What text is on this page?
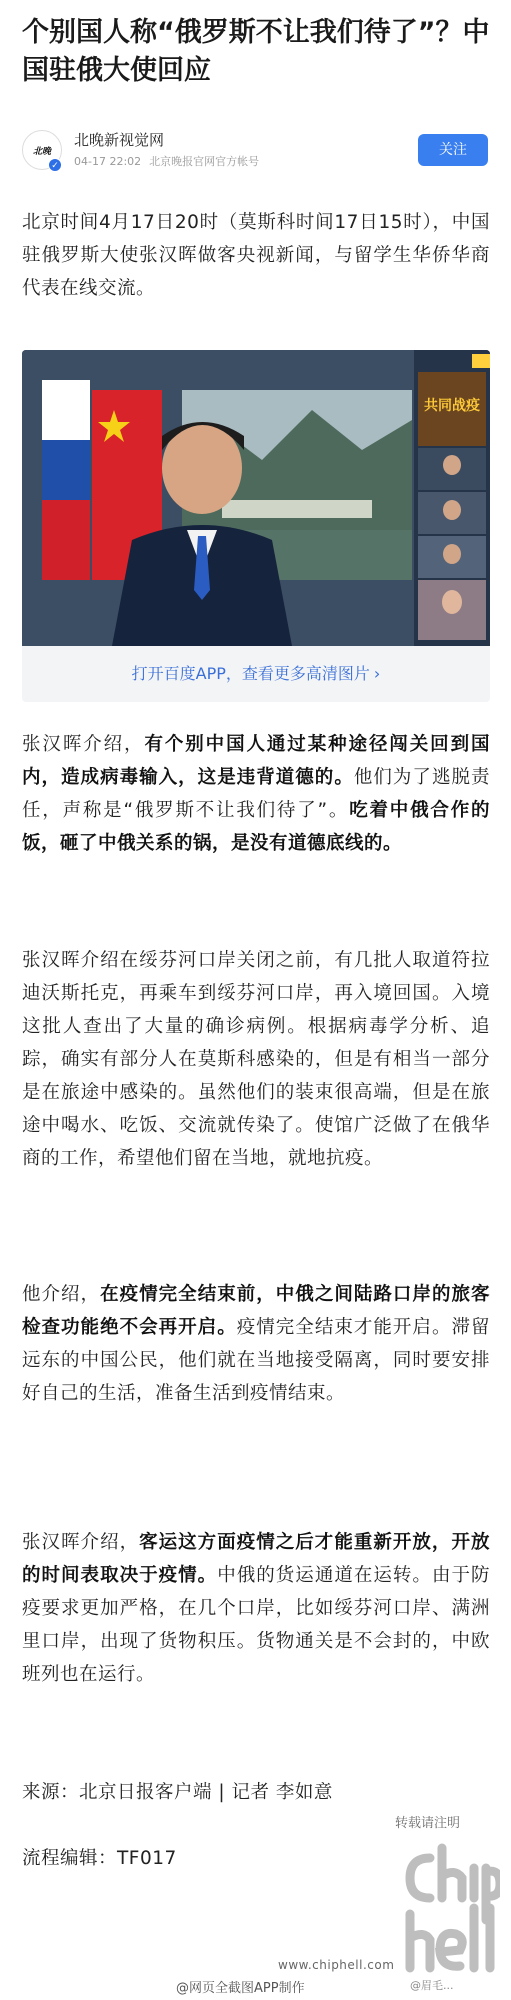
个别国人称“俄罗斯不让我们待了”？中国驻俄大使回应
北晚
✓
北晚新视觉网
04-17 22:02 北京晚报官网官方帐号
关注
北京时间4月17日20时（莫斯科时间17日15时），中国驻俄罗斯大使张汉晖做客央视新闻，与留学生华侨华商代表在线交流。
共同战疫
打开百度APP，查看更多高清图片 ›
张汉晖介绍，有个别中国人通过某种途径闯关回到国内，造成病毒输入，这是违背道德的。他们为了逃脱责任，声称是“俄罗斯不让我们待了”。吃着中俄合作的饭，砸了中俄关系的锅，是没有道德底线的。
张汉晖介绍在绥芬河口岸关闭之前，有几批人取道符拉迪沃斯托克，再乘车到绥芬河口岸，再入境回国。入境这批人查出了大量的确诊病例。根据病毒学分析、追踪，确实有部分人在莫斯科感染的，但是有相当一部分是在旅途中感染的。虽然他们的装束很高端，但是在旅途中喝水、吃饭、交流就传染了。使馆广泛做了在俄华商的工作，希望他们留在当地，就地抗疫。
他介绍，在疫情完全结束前，中俄之间陆路口岸的旅客检查功能绝不会再开启。疫情完全结束才能开启。滞留远东的中国公民，他们就在当地接受隔离，同时要安排好自己的生活，准备生活到疫情结束。
张汉晖介绍，客运这方面疫情之后才能重新开放，开放的时间表取决于疫情。中俄的货运通道在运转。由于防疫要求更加严格，在几个口岸，比如绥芬河口岸、满洲里口岸，出现了货物积压。货物通关是不会封的，中欧班列也在运行。
来源：北京日报客户端 | 记者 李如意
流程编辑：TF017
转载请注明
www.chiphell.com
@网页全截图APP制作	@眉毛...
